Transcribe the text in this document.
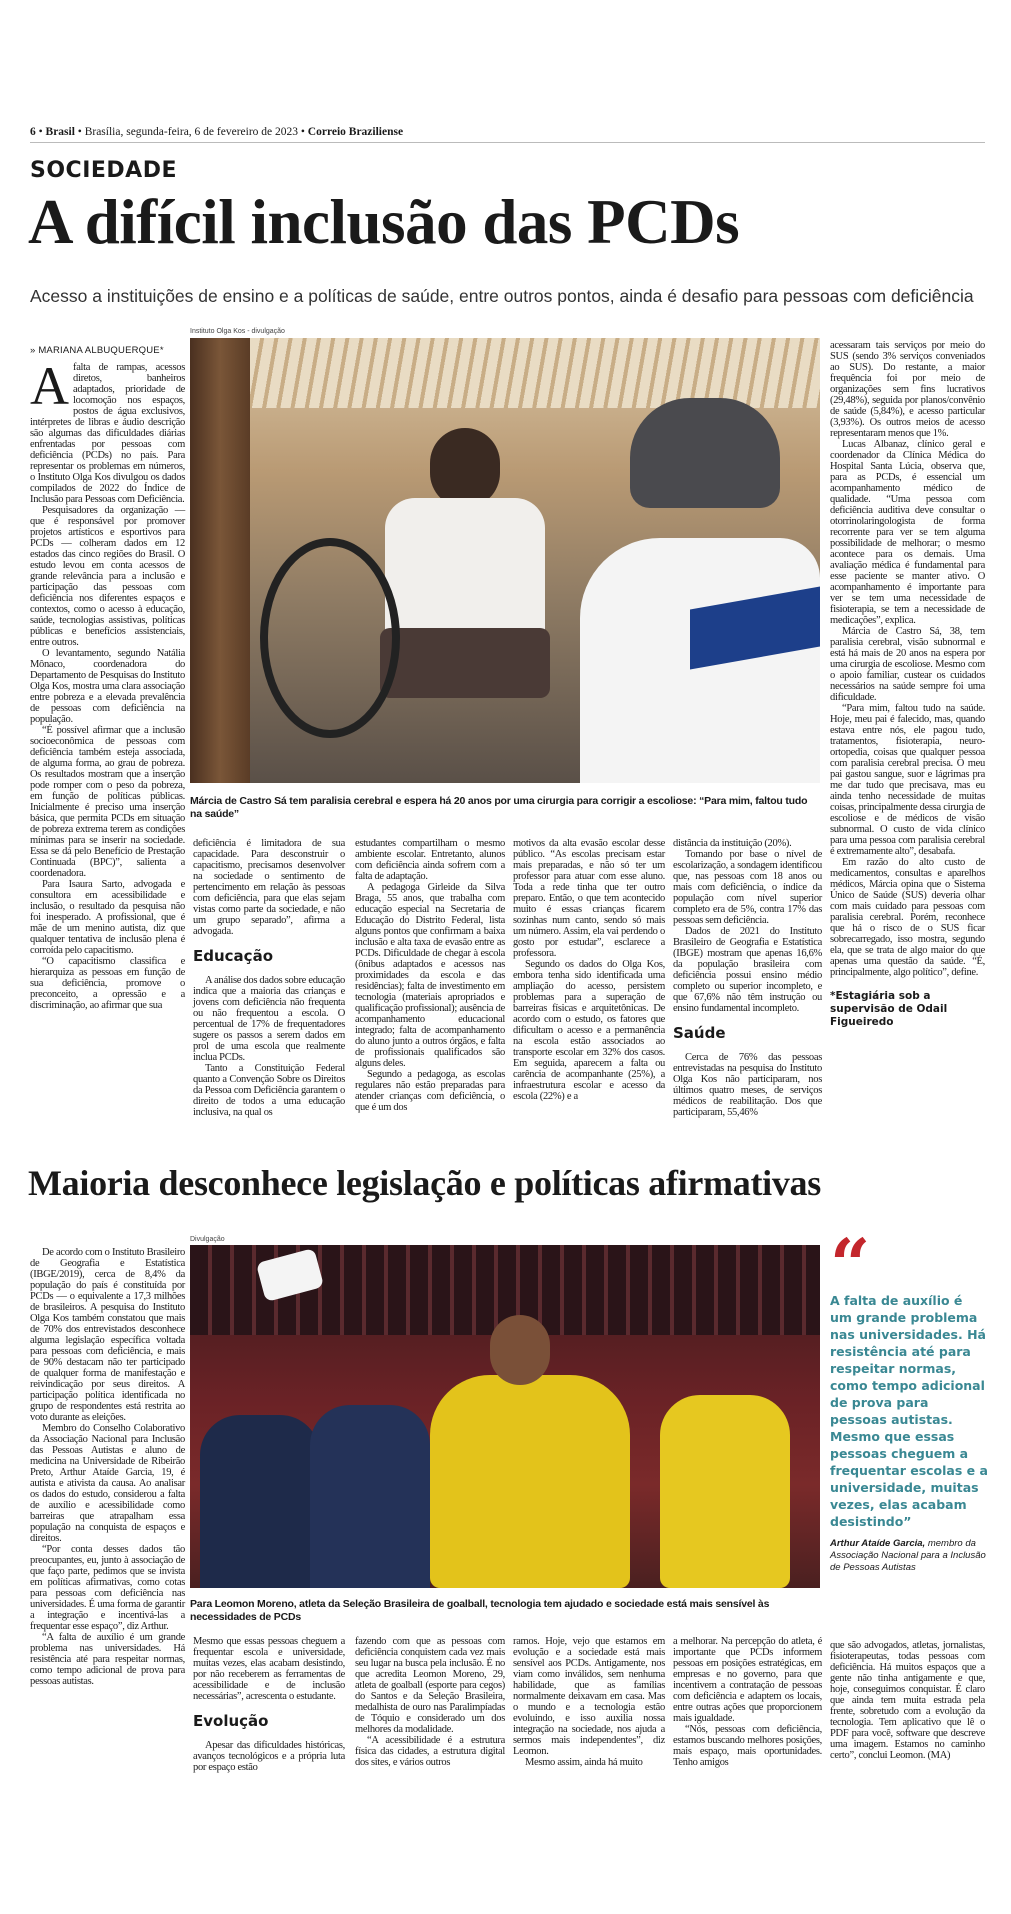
6 • Brasil • Brasília, segunda-feira, 6 de fevereiro de 2023 • Correio Braziliense
SOCIEDADE
A difícil inclusão das PCDs
Acesso a instituições de ensino e a políticas de saúde, entre outros pontos, ainda é desafio para pessoas com deficiência
» MARIANA ALBUQUERQUE*
Instituto Olga Kos - divulgação
Márcia de Castro Sá tem paralisia cerebral e espera há 20 anos por uma cirurgia para corrigir a escoliose: “Para mim, faltou tudo na saúde”

Afalta de rampas, acessos diretos, banheiros adaptados, prioridade de locomoção nos espaços, postos de água exclusivos, intérpretes de libras e áudio descrição são algumas das dificuldades diárias enfrentadas por pessoas com deficiência (PCDs) no país. Para representar os problemas em números, o Instituto Olga Kos divulgou os dados compilados de 2022 do Índice de Inclusão para Pessoas com Deficiência.

Pesquisadores da organização — que é responsável por promover projetos artísticos e esportivos para PCDs — colheram dados em 12 estados das cinco regiões do Brasil. O estudo levou em conta acessos de grande relevância para a inclusão e participação das pessoas com deficiência nos diferentes espaços e contextos, como o acesso à educação, saúde, tecnologias assistivas, políticas públicas e benefícios assistenciais, entre outros.

O levantamento, segundo Natália Mônaco, coordenadora do Departamento de Pesquisas do Instituto Olga Kos, mostra uma clara associação entre pobreza e a elevada prevalência de pessoas com deficiência na população.

“É possível afirmar que a inclusão socioeconômica de pessoas com deficiência também esteja associada, de alguma forma, ao grau de pobreza. Os resultados mostram que a inserção pode romper com o peso da pobreza, em função de políticas públicas. Inicialmente é preciso uma inserção básica, que permita PCDs em situação de pobreza extrema terem as condições mínimas para se inserir na sociedade. Essa se dá pelo Benefício de Prestação Continuada (BPC)”, salienta a coordenadora.

Para Isaura Sarto, advogada e consultora em acessibilidade e inclusão, o resultado da pesquisa não foi inesperado. A profissional, que é mãe de um menino autista, diz que qualquer tentativa de inclusão plena é corroída pelo capacitismo.

“O capacitismo classifica e hierarquiza as pessoas em função de sua deficiência, promove o preconceito, a opressão e a discriminação, ao afirmar que sua

deficiência é limitadora de sua capacidade. Para desconstruir o capacitismo, precisamos desenvolver na sociedade o sentimento de pertencimento em relação às pessoas com deficiência, para que elas sejam vistas como parte da sociedade, e não um grupo separado”, afirma a advogada.

Educação

A análise dos dados sobre educação indica que a maioria das crianças e jovens com deficiência não frequenta ou não frequentou a escola. O percentual de 17% de frequentadores sugere os passos a serem dados em prol de uma escola que realmente inclua PCDs.

Tanto a Constituição Federal quanto a Convenção Sobre os Direitos da Pessoa com Deficiência garantem o direito de todos a uma educação inclusiva, na qual os

estudantes compartilham o mesmo ambiente escolar. Entretanto, alunos com deficiência ainda sofrem com a falta de adaptação.

A pedagoga Girleide da Silva Braga, 55 anos, que trabalha com educação especial na Secretaria de Educação do Distrito Federal, lista alguns pontos que confirmam a baixa inclusão e alta taxa de evasão entre as PCDs. Dificuldade de chegar à escola (ônibus adaptados e acessos nas proximidades da escola e das residências); falta de investimento em tecnologia (materiais apropriados e qualificação profissional); ausência de acompanhamento educacional integrado; falta de acompanhamento do aluno junto a outros órgãos, e falta de profissionais qualificados são alguns deles.

Segundo a pedagoga, as escolas regulares não estão preparadas para atender crianças com deficiência, o que é um dos

motivos da alta evasão escolar desse público. “As escolas precisam estar mais preparadas, e não só ter um professor para atuar com esse aluno. Toda a rede tinha que ter outro preparo. Então, o que tem acontecido muito é essas crianças ficarem sozinhas num canto, sendo só mais um número. Assim, ela vai perdendo o gosto por estudar”, esclarece a professora.

Segundo os dados do Olga Kos, embora tenha sido identificada uma ampliação do acesso, persistem problemas para a superação de barreiras físicas e arquitetônicas. De acordo com o estudo, os fatores que dificultam o acesso e a permanência na escola estão associados ao transporte escolar em 32% dos casos. Em seguida, aparecem a falta ou carência de acompanhante (25%), a infraestrutura escolar e acesso da escola (22%) e a

distância da instituição (20%).

Tomando por base o nível de escolarização, a sondagem identificou que, nas pessoas com 18 anos ou mais com deficiência, o índice da população com nível superior completo era de 5%, contra 17% das pessoas sem deficiência.

Dados de 2021 do Instituto Brasileiro de Geografia e Estatística (IBGE) mostram que apenas 16,6% da população brasileira com deficiência possui ensino médio completo ou superior incompleto, e que 67,6% não têm instrução ou ensino fundamental incompleto.

Saúde

Cerca de 76% das pessoas entrevistadas na pesquisa do Instituto Olga Kos não participaram, nos últimos quatro meses, de serviços médicos de reabilitação. Dos que participaram, 55,46%

acessaram tais serviços por meio do SUS (sendo 3% serviços conveniados ao SUS). Do restante, a maior frequência foi por meio de organizações sem fins lucrativos (29,48%), seguida por planos/convênio de saúde (5,84%), e acesso particular (3,93%). Os outros meios de acesso representaram menos que 1%.

Lucas Albanaz, clínico geral e coordenador da Clínica Médica do Hospital Santa Lúcia, observa que, para as PCDs, é essencial um acompanhamento médico de qualidade. “Uma pessoa com deficiência auditiva deve consultar o otorrinolaringologista de forma recorrente para ver se tem alguma possibilidade de melhorar; o mesmo acontece para os demais. Uma avaliação médica é fundamental para esse paciente se manter ativo. O acompanhamento é importante para ver se tem uma necessidade de fisioterapia, se tem a necessidade de medicações”, explica.

Márcia de Castro Sá, 38, tem paralisia cerebral, visão subnormal e está há mais de 20 anos na espera por uma cirurgia de escoliose. Mesmo com o apoio familiar, custear os cuidados necessários na saúde sempre foi uma dificuldade.

“Para mim, faltou tudo na saúde. Hoje, meu pai é falecido, mas, quando estava entre nós, ele pagou tudo, tratamentos, fisioterapia, neuro-ortopedia, coisas que qualquer pessoa com paralisia cerebral precisa. O meu pai gastou sangue, suor e lágrimas pra me dar tudo que precisava, mas eu ainda tenho necessidade de muitas coisas, principalmente dessa cirurgia de escoliose e de médicos de visão subnormal. O custo de vida clínico para uma pessoa com paralisia cerebral é extremamente alto”, desabafa.

Em razão do alto custo de medicamentos, consultas e aparelhos médicos, Márcia opina que o Sistema Único de Saúde (SUS) deveria olhar com mais cuidado para pessoas com paralisia cerebral. Porém, reconhece que há o risco de o SUS ficar sobrecarregado, isso mostra, segundo ela, que se trata de algo maior do que apenas uma questão da saúde. “É, principalmente, algo político”, define.

*Estagiária sob a supervisão de Odail Figueiredo
Maioria desconhece legislação e políticas afirmativas
Divulgação
Para Leomon Moreno, atleta da Seleção Brasileira de goalball, tecnologia tem ajudado e sociedade está mais sensível às necessidades de PCDs

De acordo com o Instituto Brasileiro de Geografia e Estatística (IBGE/2019), cerca de 8,4% da população do país é constituída por PCDs — o equivalente a 17,3 milhões de brasileiros. A pesquisa do Instituto Olga Kos também constatou que mais de 70% dos entrevistados desconhece alguma legislação específica voltada para pessoas com deficiência, e mais de 90% destacam não ter participado de qualquer forma de manifestação e reivindicação por seus direitos. A participação política identificada no grupo de respondentes está restrita ao voto durante as eleições.

Membro do Conselho Colaborativo da Associação Nacional para Inclusão das Pessoas Autistas e aluno de medicina na Universidade de Ribeirão Preto, Arthur Ataíde Garcia, 19, é autista e ativista da causa. Ao analisar os dados do estudo, considerou a falta de auxílio e acessibilidade como barreiras que atrapalham essa população na conquista de espaços e direitos.

“Por conta desses dados tão preocupantes, eu, junto à associação de que faço parte, pedimos que se invista em políticas afirmativas, como cotas para pessoas com deficiência nas universidades. É uma forma de garantir a integração e incentivá-las a frequentar esse espaço”, diz Arthur.

“A falta de auxílio é um grande problema nas universidades. Há resistência até para respeitar normas, como tempo adicional de prova para pessoas autistas.

Mesmo que essas pessoas cheguem a frequentar escola e universidade, muitas vezes, elas acabam desistindo, por não receberem as ferramentas de acessibilidade e de inclusão necessárias”, acrescenta o estudante.

Evolução

Apesar das dificuldades históricas, avanços tecnológicos e a própria luta por espaço estão

fazendo com que as pessoas com deficiência conquistem cada vez mais seu lugar na busca pela inclusão. É no que acredita Leomon Moreno, 29, atleta de goalball (esporte para cegos) do Santos e da Seleção Brasileira, medalhista de ouro nas Paralimpíadas de Tóquio e considerado um dos melhores da modalidade.

“A acessibilidade é a estrutura física das cidades, a estrutura digital dos sites, e vários outros

ramos. Hoje, vejo que estamos em evolução e a sociedade está mais sensível aos PCDs. Antigamente, nos viam como inválidos, sem nenhuma habilidade, que as famílias normalmente deixavam em casa. Mas o mundo e a tecnologia estão evoluindo, e isso auxilia nossa integração na sociedade, nos ajuda a sermos mais independentes”, diz Leomon.

Mesmo assim, ainda há muito

a melhorar. Na percepção do atleta, é importante que PCDs informem pessoas em posições estratégicas, em empresas e no governo, para que incentivem a contratação de pessoas com deficiência e adaptem os locais, entre outras ações que proporcionem mais igualdade.

“Nós, pessoas com deficiência, estamos buscando melhores posições, mais espaço, mais oportunidades. Tenho amigos

que são advogados, atletas, jornalistas, fisioterapeutas, todas pessoas com deficiência. Há muitos espaços que a gente não tinha antigamente e que, hoje, conseguimos conquistar. É claro que ainda tem muita estrada pela frente, sobretudo com a evolução da tecnologia. Tem aplicativo que lê o PDF para você, software que descreve uma imagem. Estamos no caminho certo”, conclui Leomon. (MA)

“
A falta de auxílio é um grande problema nas universidades. Há resistência até para respeitar normas, como tempo adicional de prova para pessoas autistas. Mesmo que essas pessoas cheguem a frequentar escolas e a universidade, muitas vezes, elas acabam desistindo”
Arthur Ataíde Garcia, membro da Associação Nacional para a Inclusão de Pessoas Autistas
